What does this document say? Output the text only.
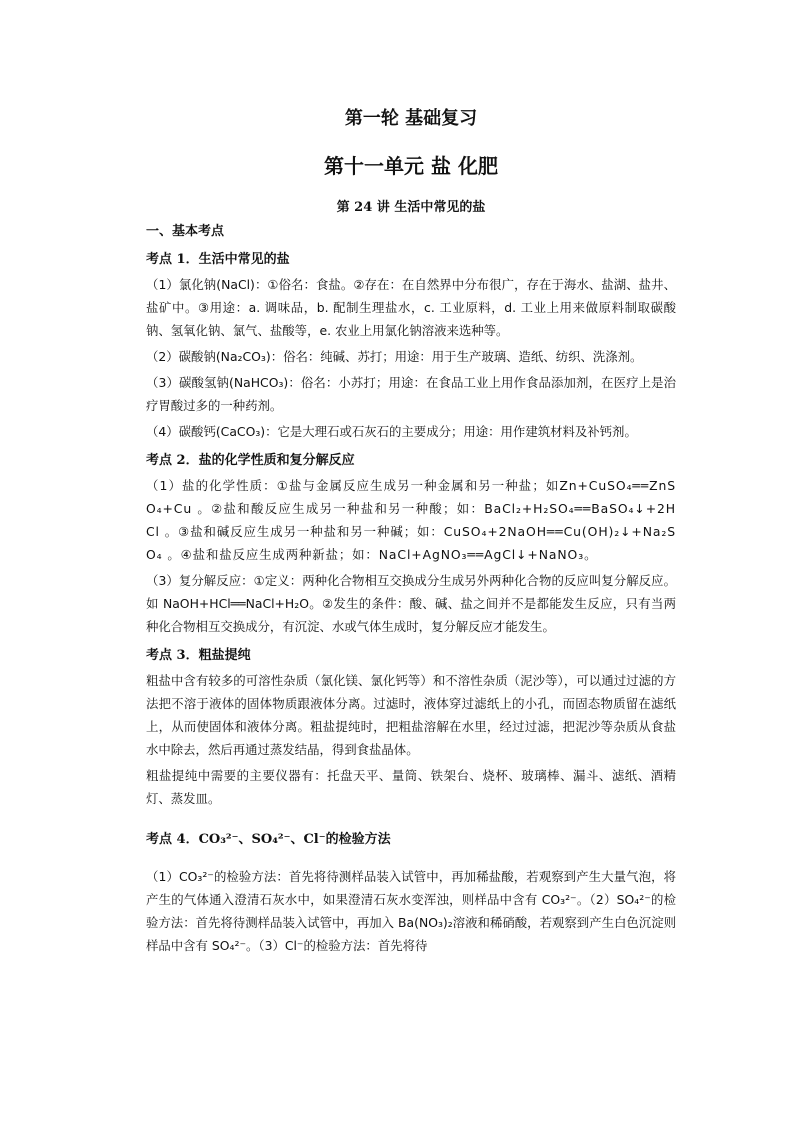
第一轮 基础复习
第十一单元 盐 化肥
第 24 讲 生活中常见的盐
一、基本考点
考点 1．生活中常见的盐

（1）氯化钠(NaCl)：①俗名：食盐。②存在：在自然界中分布很广，存在于海水、盐湖、盐井、盐矿中。③用途：a. 调味品，b. 配制生理盐水，c. 工业原料，d. 工业上用来做原料制取碳酸钠、氢氧化钠、氯气、盐酸等，e. 农业上用氯化钠溶液来选种等。

（2）碳酸钠(Na₂CO₃)：俗名：纯碱、苏打；用途：用于生产玻璃、造纸、纺织、洗涤剂。

（3）碳酸氢钠(NaHCO₃)：俗名：小苏打；用途：在食品工业上用作食品添加剂，在医疗上是治疗胃酸过多的一种药剂。

（4）碳酸钙(CaCO₃)：它是大理石或石灰石的主要成分；用途：用作建筑材料及补钙剂。

考点 2．盐的化学性质和复分解反应

（1）盐的化学性质：①盐与金属反应生成另一种金属和另一种盐；如Zn+CuSO₄══ZnSO₄+Cu 。②盐和酸反应生成另一种盐和另一种酸；如：BaCl₂+H₂SO₄══BaSO₄↓+2HCl 。③盐和碱反应生成另一种盐和另一种碱；如：CuSO₄+2NaOH══Cu(OH)₂↓+Na₂SO₄ 。④盐和盐反应生成两种新盐；如：NaCl+AgNO₃══AgCl↓+NaNO₃。

（3）复分解反应：①定义：两种化合物相互交换成分生成另外两种化合物的反应叫复分解反应。如 NaOH+HCl══NaCl+H₂O。②发生的条件：酸、碱、盐之间并不是都能发生反应，只有当两种化合物相互交换成分，有沉淀、水或气体生成时，复分解反应才能发生。

考点 3．粗盐提纯

粗盐中含有较多的可溶性杂质（氯化镁、氯化钙等）和不溶性杂质（泥沙等），可以通过过滤的方法把不溶于液体的固体物质跟液体分离。过滤时，液体穿过滤纸上的小孔，而固态物质留在滤纸上，从而使固体和液体分离。粗盐提纯时，把粗盐溶解在水里，经过过滤，把泥沙等杂质从食盐水中除去，然后再通过蒸发结晶，得到食盐晶体。

粗盐提纯中需要的主要仪器有：托盘天平、量筒、铁架台、烧杯、玻璃棒、漏斗、滤纸、酒精灯、蒸发皿。

考点 4．CO₃²⁻、SO₄²⁻、Cl⁻的检验方法

（1）CO₃²⁻的检验方法：首先将待测样品装入试管中，再加稀盐酸，若观察到产生大量气泡，将产生的气体通入澄清石灰水中，如果澄清石灰水变浑浊，则样品中含有 CO₃²⁻。（2）SO₄²⁻的检验方法：首先将待测样品装入试管中，再加入 Ba(NO₃)₂溶液和稀硝酸，若观察到产生白色沉淀则样品中含有 SO₄²⁻。（3）Cl⁻的检验方法：首先将待
